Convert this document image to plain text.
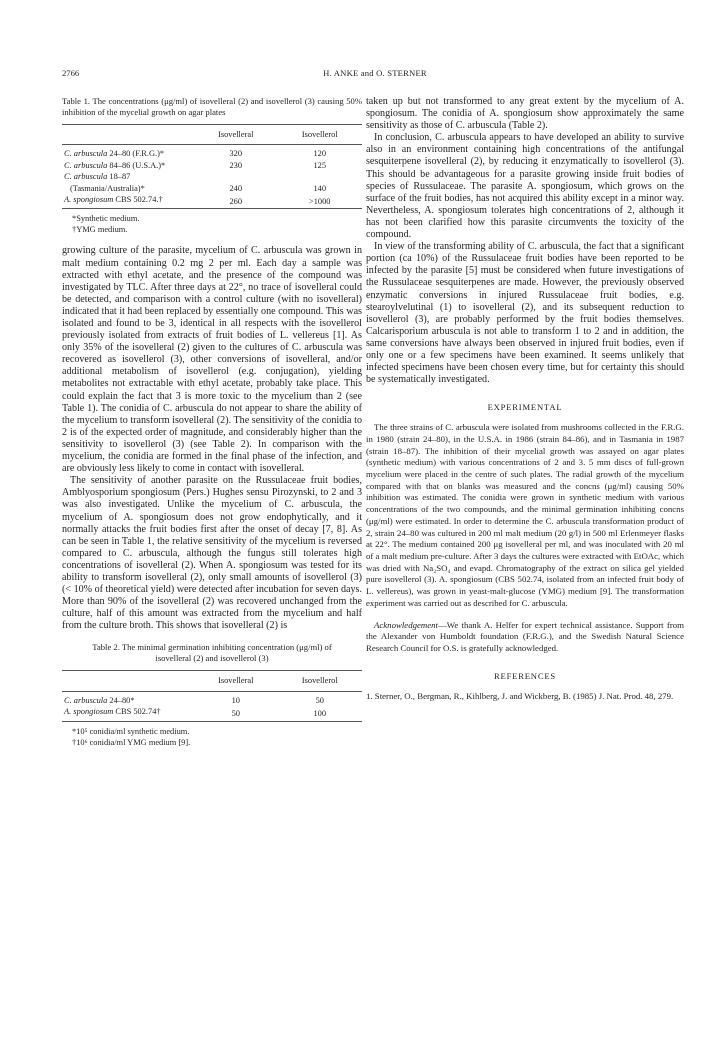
2766	H. ANKE and O. STERNER
Table 1. The concentrations (μg/ml) of isovelleral (2) and isovellerol (3) causing 50% inhibition of the mycelial growth on agar plates
	Isovelleral	Isovellerol
C. arbuscula 24–80 (F.R.G.)*	320	120
C. arbuscula 84–86 (U.S.A.)*	230	125
C. arbuscula 18–87		
(Tasmania/Australia)*	240	140
A. spongiosum CBS 502.74.†	260	>1000

*Synthetic medium.
†YMG medium.

growing culture of the parasite, mycelium of C. arbuscula was grown in malt medium containing 0.2 mg 2 per ml. Each day a sample was extracted with ethyl acetate, and the presence of the compound was investigated by TLC. After three days at 22°, no trace of isovelleral could be detected, and comparison with a control culture (with no isovelleral) indicated that it had been replaced by essentially one compound. This was isolated and found to be 3, identical in all respects with the isovellerol previously isolated from extracts of fruit bodies of L. vellereus [1]. As only 35% of the isovelleral (2) given to the cultures of C. arbuscula was recovered as isovellerol (3), other conversions of isovelleral, and/or additional metabolism of isovellerol (e.g. conjugation), yielding metabolites not extractable with ethyl acetate, probably take place. This could explain the fact that 3 is more toxic to the mycelium than 2 (see Table 1). The conidia of C. arbuscula do not appear to share the ability of the mycelium to transform isovelleral (2). The sensitivity of the conidia to 2 is of the expected order of magnitude, and considerably higher than the sensitivity to isovellerol (3) (see Table 2). In comparison with the mycelium, the conidia are formed in the final phase of the infection, and are obviously less likely to come in contact with isovelleral.

The sensitivity of another parasite on the Russulaceae fruit bodies, Amblyosporium spongiosum (Pers.) Hughes sensu Pirozynski, to 2 and 3 was also investigated. Unlike the mycelium of C. arbuscula, the mycelium of A. spongiosum does not grow endophytically, and it normally attacks the fruit bodies first after the onset of decay [7, 8]. As can be seen in Table 1, the relative sensitivity of the mycelium is reversed compared to C. arbuscula, although the fungus still tolerates high concentrations of isovelleral (2). When A. spongiosum was tested for its ability to transform isovelleral (2), only small amounts of isovellerol (3) (< 10% of theoretical yield) were detected after incubation for seven days. More than 90% of the isovelleral (2) was recovered unchanged from the culture, half of this amount was extracted from the mycelium and half from the culture broth. This shows that isovelleral (2) is

Table 2. The minimal germination inhibiting concentration (μg/ml) of isovelleral (2) and isovellerol (3)
	Isovelleral	Isovellerol
C. arbuscula 24–80*	10	50
A. spongiosum CBS 502.74†	50	100

*10⁵ conidia/ml synthetic medium.
†10⁶ conidia/ml YMG medium [9].

taken up but not transformed to any great extent by the mycelium of A. spongiosum. The conidia of A. spongiosum show approximately the same sensitivity as those of C. arbuscula (Table 2).

In conclusion, C. arbuscula appears to have developed an ability to survive also in an environment containing high concentrations of the antifungal sesquiterpene isovelleral (2), by reducing it enzymatically to isovellerol (3). This should be advantageous for a parasite growing inside fruit bodies of species of Russulaceae. The parasite A. spongiosum, which grows on the surface of the fruit bodies, has not acquired this ability except in a minor way. Nevertheless, A. spongiosum tolerates high concentrations of 2, although it has not been clarified how this parasite circumvents the toxicity of the compound.

In view of the transforming ability of C. arbuscula, the fact that a significant portion (ca 10%) of the Russulaceae fruit bodies have been reported to be infected by the parasite [5] must be considered when future investigations of the Russulaceae sesquiterpenes are made. However, the previously observed enzymatic conversions in injured Russulaceae fruit bodies, e.g. stearoylvelutinal (1) to isovelleral (2), and its subsequent reduction to isovellerol (3), are probably performed by the fruit bodies themselves. Calcarisporium arbuscula is not able to transform 1 to 2 and in addition, the same conversions have always been observed in injured fruit bodies, even if only one or a few specimens have been examined. It seems unlikely that infected specimens have been chosen every time, but for certainty this should be systematically investigated.

EXPERIMENTAL

The three strains of C. arbuscula were isolated from mushrooms collected in the F.R.G. in 1980 (strain 24–80), in the U.S.A. in 1986 (strain 84–86), and in Tasmania in 1987 (strain 18–87). The inhibition of their mycelial growth was assayed on agar plates (synthetic medium) with various concentrations of 2 and 3. 5 mm discs of full-grown mycelium were placed in the centre of such plates. The radial growth of the mycelium compared with that on blanks was measured and the concns (μg/ml) causing 50% inhibition was estimated. The conidia were grown in synthetic medium with various concentrations of the two compounds, and the minimal germination inhibiting concns (μg/ml) were estimated. In order to determine the C. arbuscula transformation product of 2, strain 24–80 was cultured in 200 ml malt medium (20 g/l) in 500 ml Erlenmeyer flasks at 22°. The medium contained 200 μg isovelleral per ml, and was inoculated with 20 ml of a malt medium pre-culture. After 3 days the cultures were extracted with EtOAc, which was dried with Na₂SO₄ and evapd. Chromatography of the extract on silica gel yielded pure isovellerol (3). A. spongiosum (CBS 502.74, isolated from an infected fruit body of L. vellereus), was grown in yeast-malt-glucose (YMG) medium [9]. The transformation experiment was carried out as described for C. arbuscula.

Acknowledgement—We thank A. Helfer for expert technical assistance. Support from the Alexander von Humboldt foundation (F.R.G.), and the Swedish Natural Science Research Council for O.S. is gratefully acknowledged.

REFERENCES
1. Sterner, O., Bergman, R., Kihlberg, J. and Wickberg, B. (1985) J. Nat. Prod. 48, 279.
